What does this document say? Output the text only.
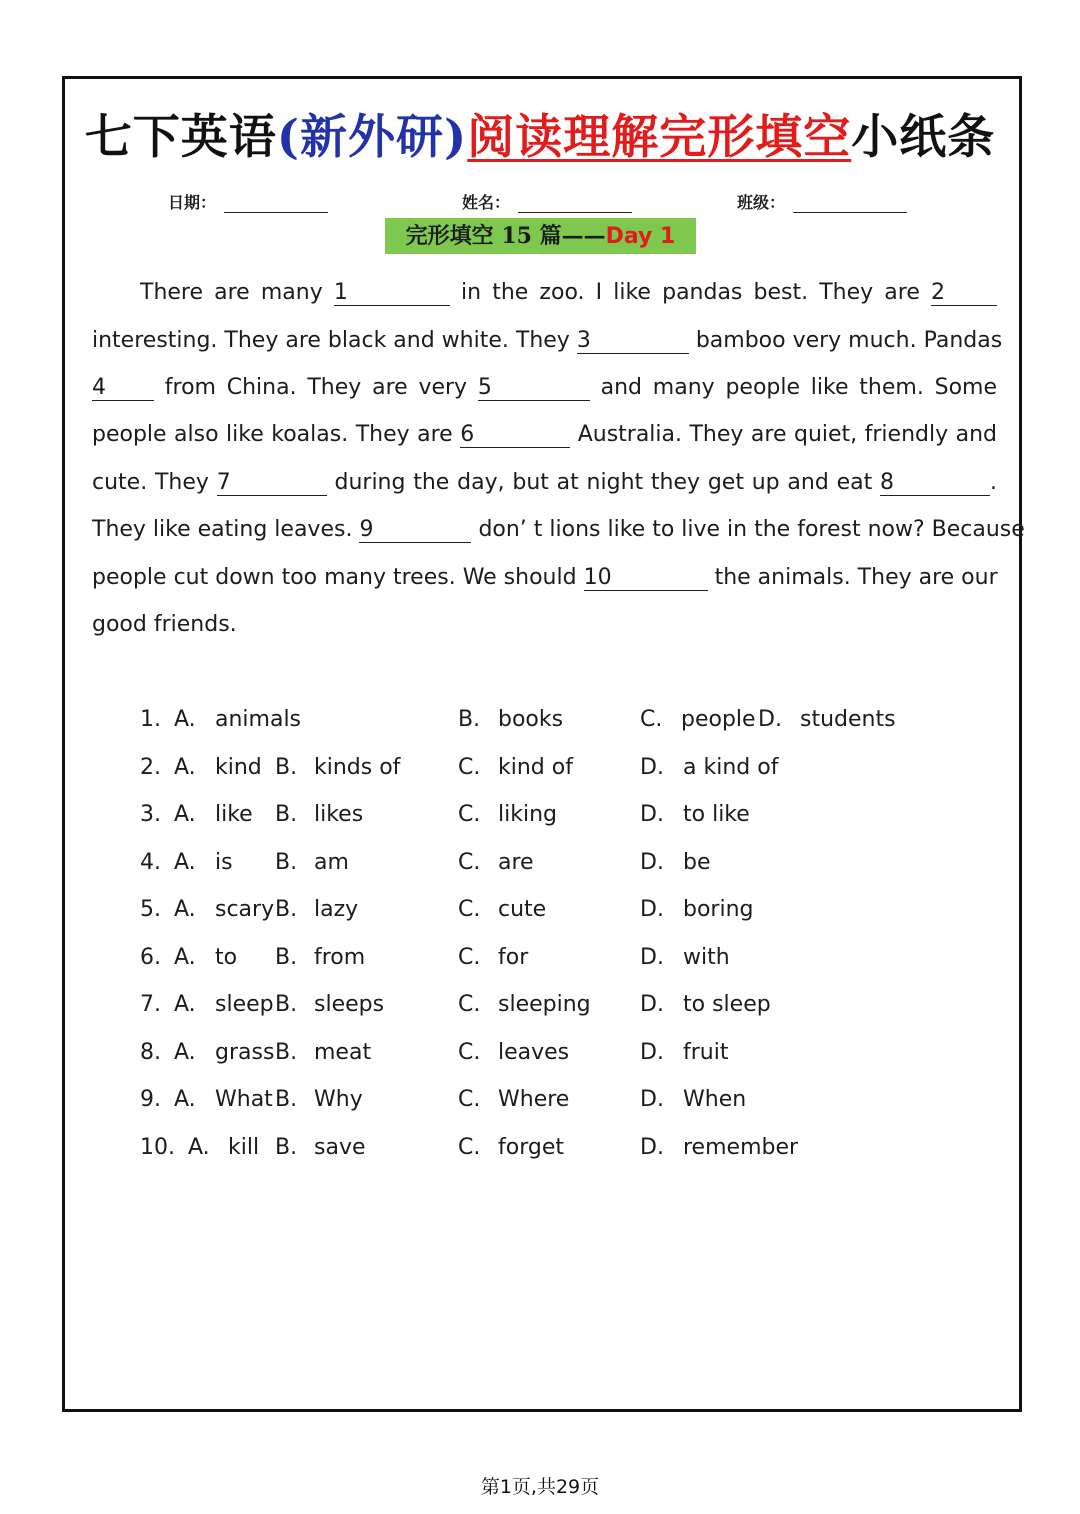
七下英语(新外研)阅读理解完形填空小纸条
日期：	姓名：	班级：
完形填空 15 篇——Day 1
There are many 1	in the zoo. I like pandas best. They are 2
interesting. They are black and white. They 3	bamboo very much. Pandas
4	from China. They are very 5	and many people like them. Some
people also like koalas. They are 6	Australia. They are quiet, friendly and
cute. They 7	during the day, but at night they get up and eat 8	.
They like eating leaves. 9	don’ t lions like to live in the forest now? Because
people cut down too many trees. We should 10	the animals. They are our
good friends.
1. A. animals	B. books	C. people D. students
2. A. kind B. kinds of	C. kind of	D. a kind of
3. A. like B. likes	C. liking	D. to like
4. A. is B. am	C. are	D. be
5. A. scary B. lazy	C. cute	D. boring
6. A. to B. from	C. for	D. with
7. A. sleep B. sleeps	C. sleeping D. to sleep
8. A. grass B. meat	C. leaves	D. fruit
9. A. What B. Why	C. Where	D. When
10. A. kill B. save	C. forget	D. remember
第1页,共29页
